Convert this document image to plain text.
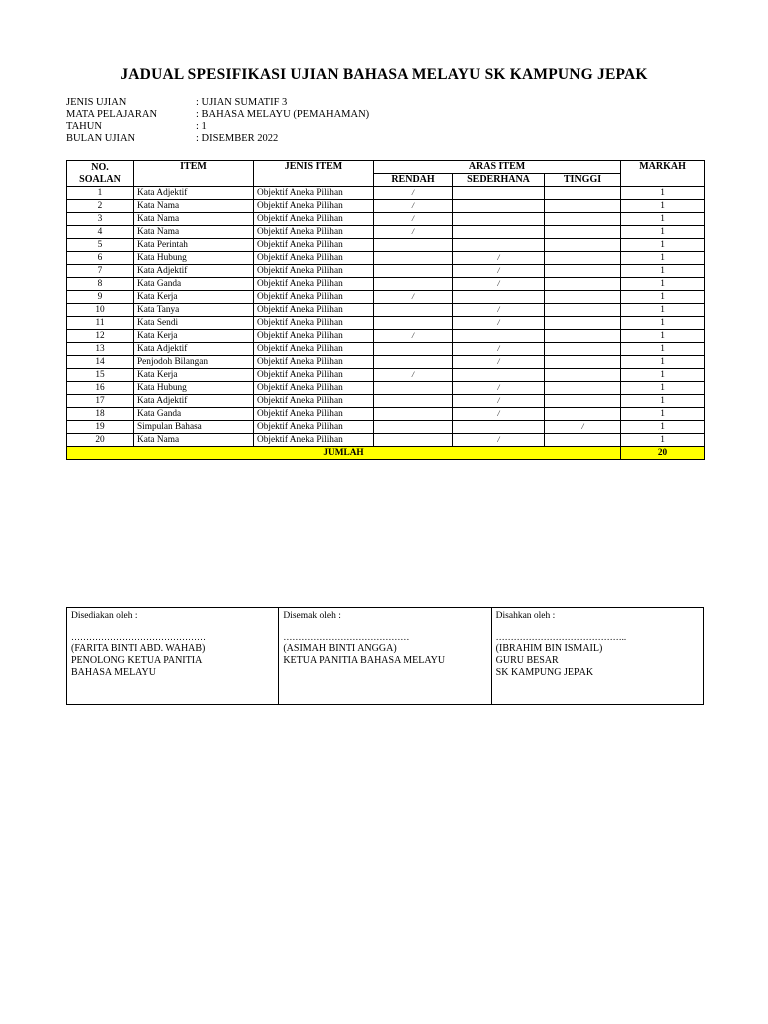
JADUAL SPESIFIKASI UJIAN BAHASA MELAYU SK KAMPUNG JEPAK
JENIS UJIAN	: UJIAN SUMATIF 3
MATA PELAJARAN	: BAHASA MELAYU (PEMAHAMAN)
TAHUN	: 1
BULAN UJIAN	: DISEMBER 2022
NO.
SOALAN	ITEM	JENIS ITEM	ARAS ITEM			MARKAH
			RENDAH	SEDERHANA	TINGGI	
1	Kata Adjektif	Objektif Aneka Pilihan	/			1
2	Kata Nama	Objektif Aneka Pilihan	/			1
3	Kata Nama	Objektif Aneka Pilihan	/			1
4	Kata Nama	Objektif Aneka Pilihan	/			1
5	Kata Perintah	Objektif Aneka Pilihan				1
6	Kata Hubung	Objektif Aneka Pilihan		/		1
7	Kata Adjektif	Objektif Aneka Pilihan		/		1
8	Kata Ganda	Objektif Aneka Pilihan		/		1
9	Kata Kerja	Objektif Aneka Pilihan	/			1
10	Kata Tanya	Objektif Aneka Pilihan		/		1
11	Kata Sendi	Objektif Aneka Pilihan		/		1
12	Kata Kerja	Objektif Aneka Pilihan	/			1
13	Kata Adjektif	Objektif Aneka Pilihan		/		1
14	Penjodoh Bilangan	Objektif Aneka Pilihan		/		1
15	Kata Kerja	Objektif Aneka Pilihan	/			1
16	Kata Hubung	Objektif Aneka Pilihan		/		1
17	Kata Adjektif	Objektif Aneka Pilihan		/		1
18	Kata Ganda	Objektif Aneka Pilihan		/		1
19	Simpulan Bahasa	Objektif Aneka Pilihan			/	1
20	Kata Nama	Objektif Aneka Pilihan		/		1
JUMLAH						20
Disediakan oleh :
………………………………………
(FARITA BINTI ABD. WAHAB)
PENOLONG KETUA PANITIA
BAHASA MELAYU

Disemak oleh :
……………………………………
(ASIMAH BINTI ANGGA)
KETUA PANITIA BAHASA MELAYU

Disahkan oleh :
……………………………………..
(IBRAHIM BIN ISMAIL)
GURU BESAR
SK KAMPUNG JEPAK
